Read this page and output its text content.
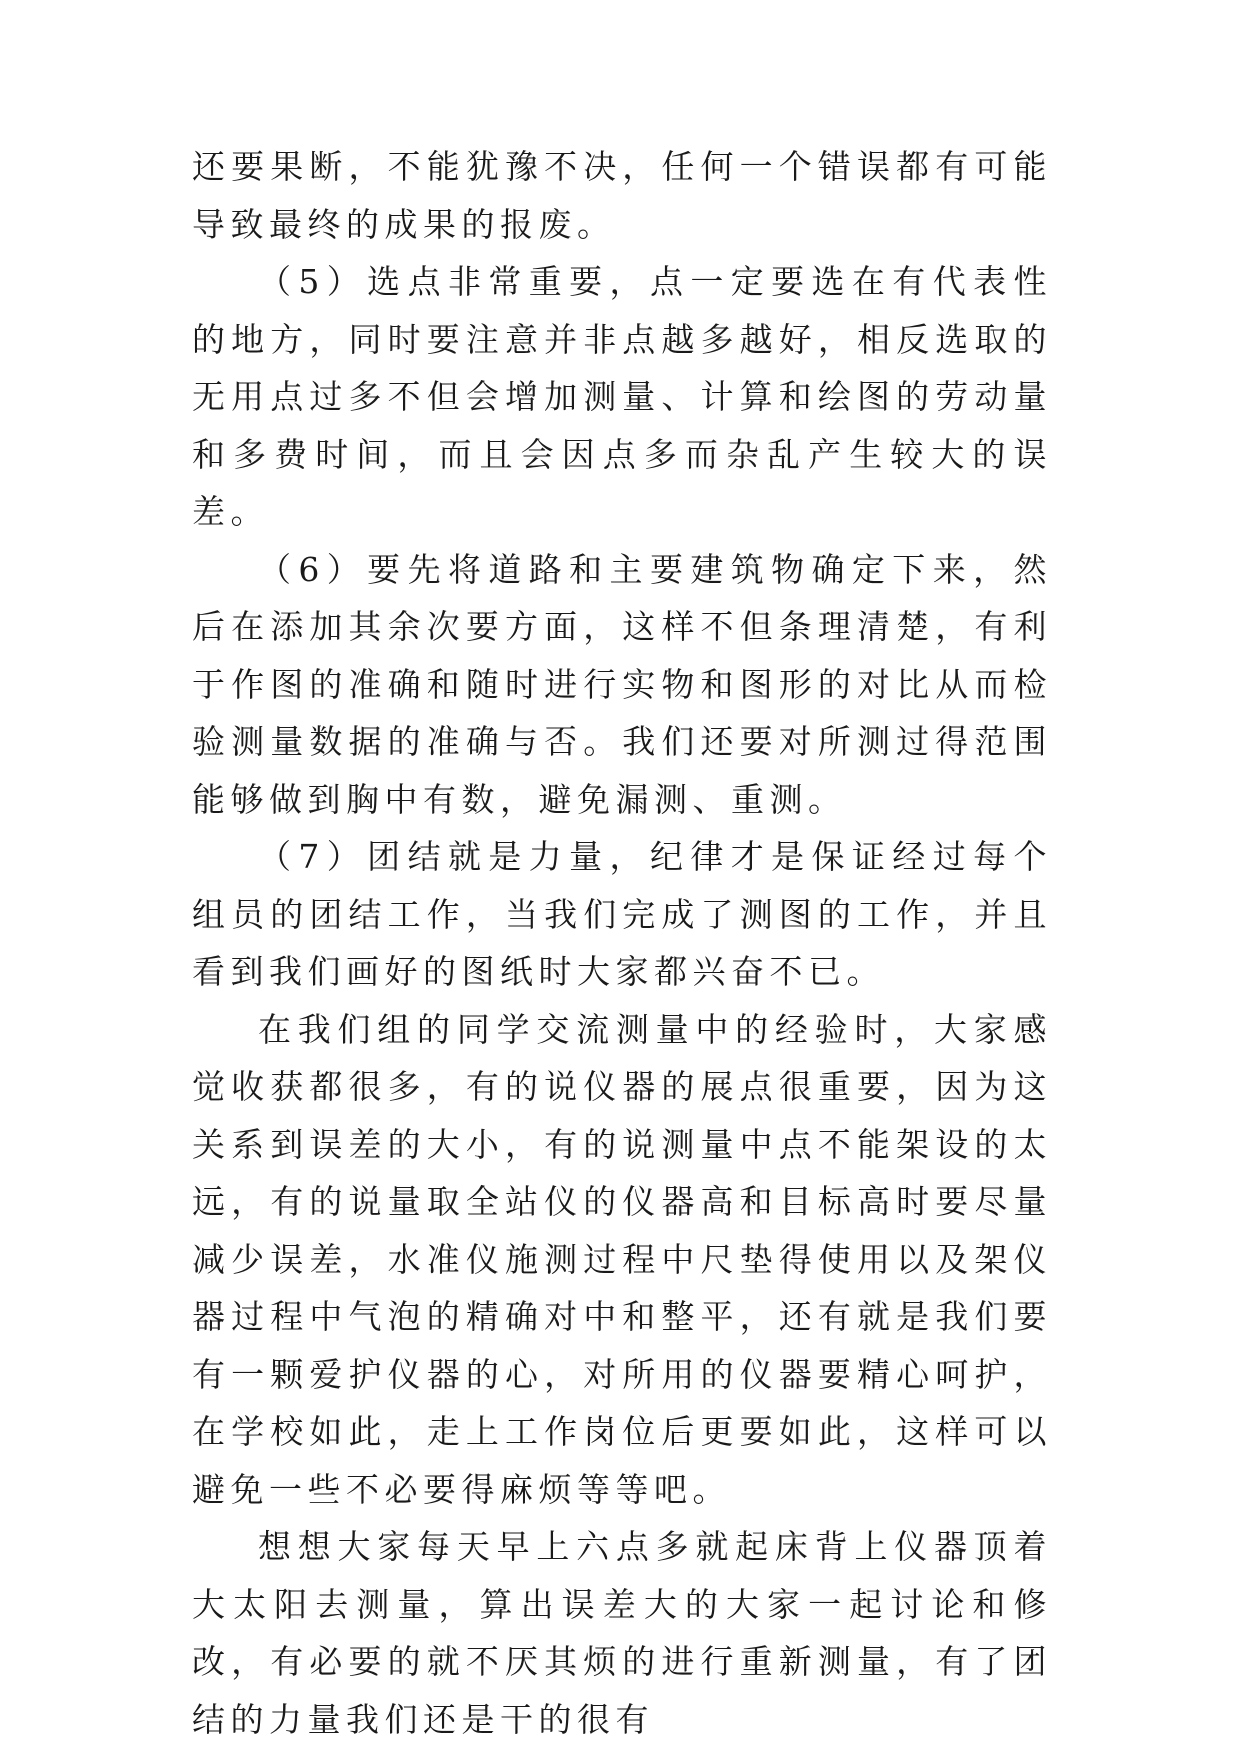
还要果断，不能犹豫不决，任何一个错误都有可能导致最终的成果的报废。

（5）选点非常重要，点一定要选在有代表性的地方，同时要注意并非点越多越好，相反选取的无用点过多不但会增加测量、计算和绘图的劳动量和多费时间，而且会因点多而杂乱产生较大的误差。

（6）要先将道路和主要建筑物确定下来，然后在添加其余次要方面，这样不但条理清楚，有利于作图的准确和随时进行实物和图形的对比从而检验测量数据的准确与否。我们还要对所测过得范围能够做到胸中有数，避免漏测、重测。

（7）团结就是力量，纪律才是保证经过每个组员的团结工作，当我们完成了测图的工作，并且看到我们画好的图纸时大家都兴奋不已。

在我们组的同学交流测量中的经验时，大家感觉收获都很多，有的说仪器的展点很重要，因为这关系到误差的大小，有的说测量中点不能架设的太远，有的说量取全站仪的仪器高和目标高时要尽量减少误差，水准仪施测过程中尺垫得使用以及架仪器过程中气泡的精确对中和整平，还有就是我们要有一颗爱护仪器的心，对所用的仪器要精心呵护，在学校如此，走上工作岗位后更要如此，这样可以避免一些不必要得麻烦等等吧。

想想大家每天早上六点多就起床背上仪器顶着大太阳去测量，算出误差大的大家一起讨论和修改，有必要的就不厌其烦的进行重新测量，有了团结的力量我们还是干的很有
